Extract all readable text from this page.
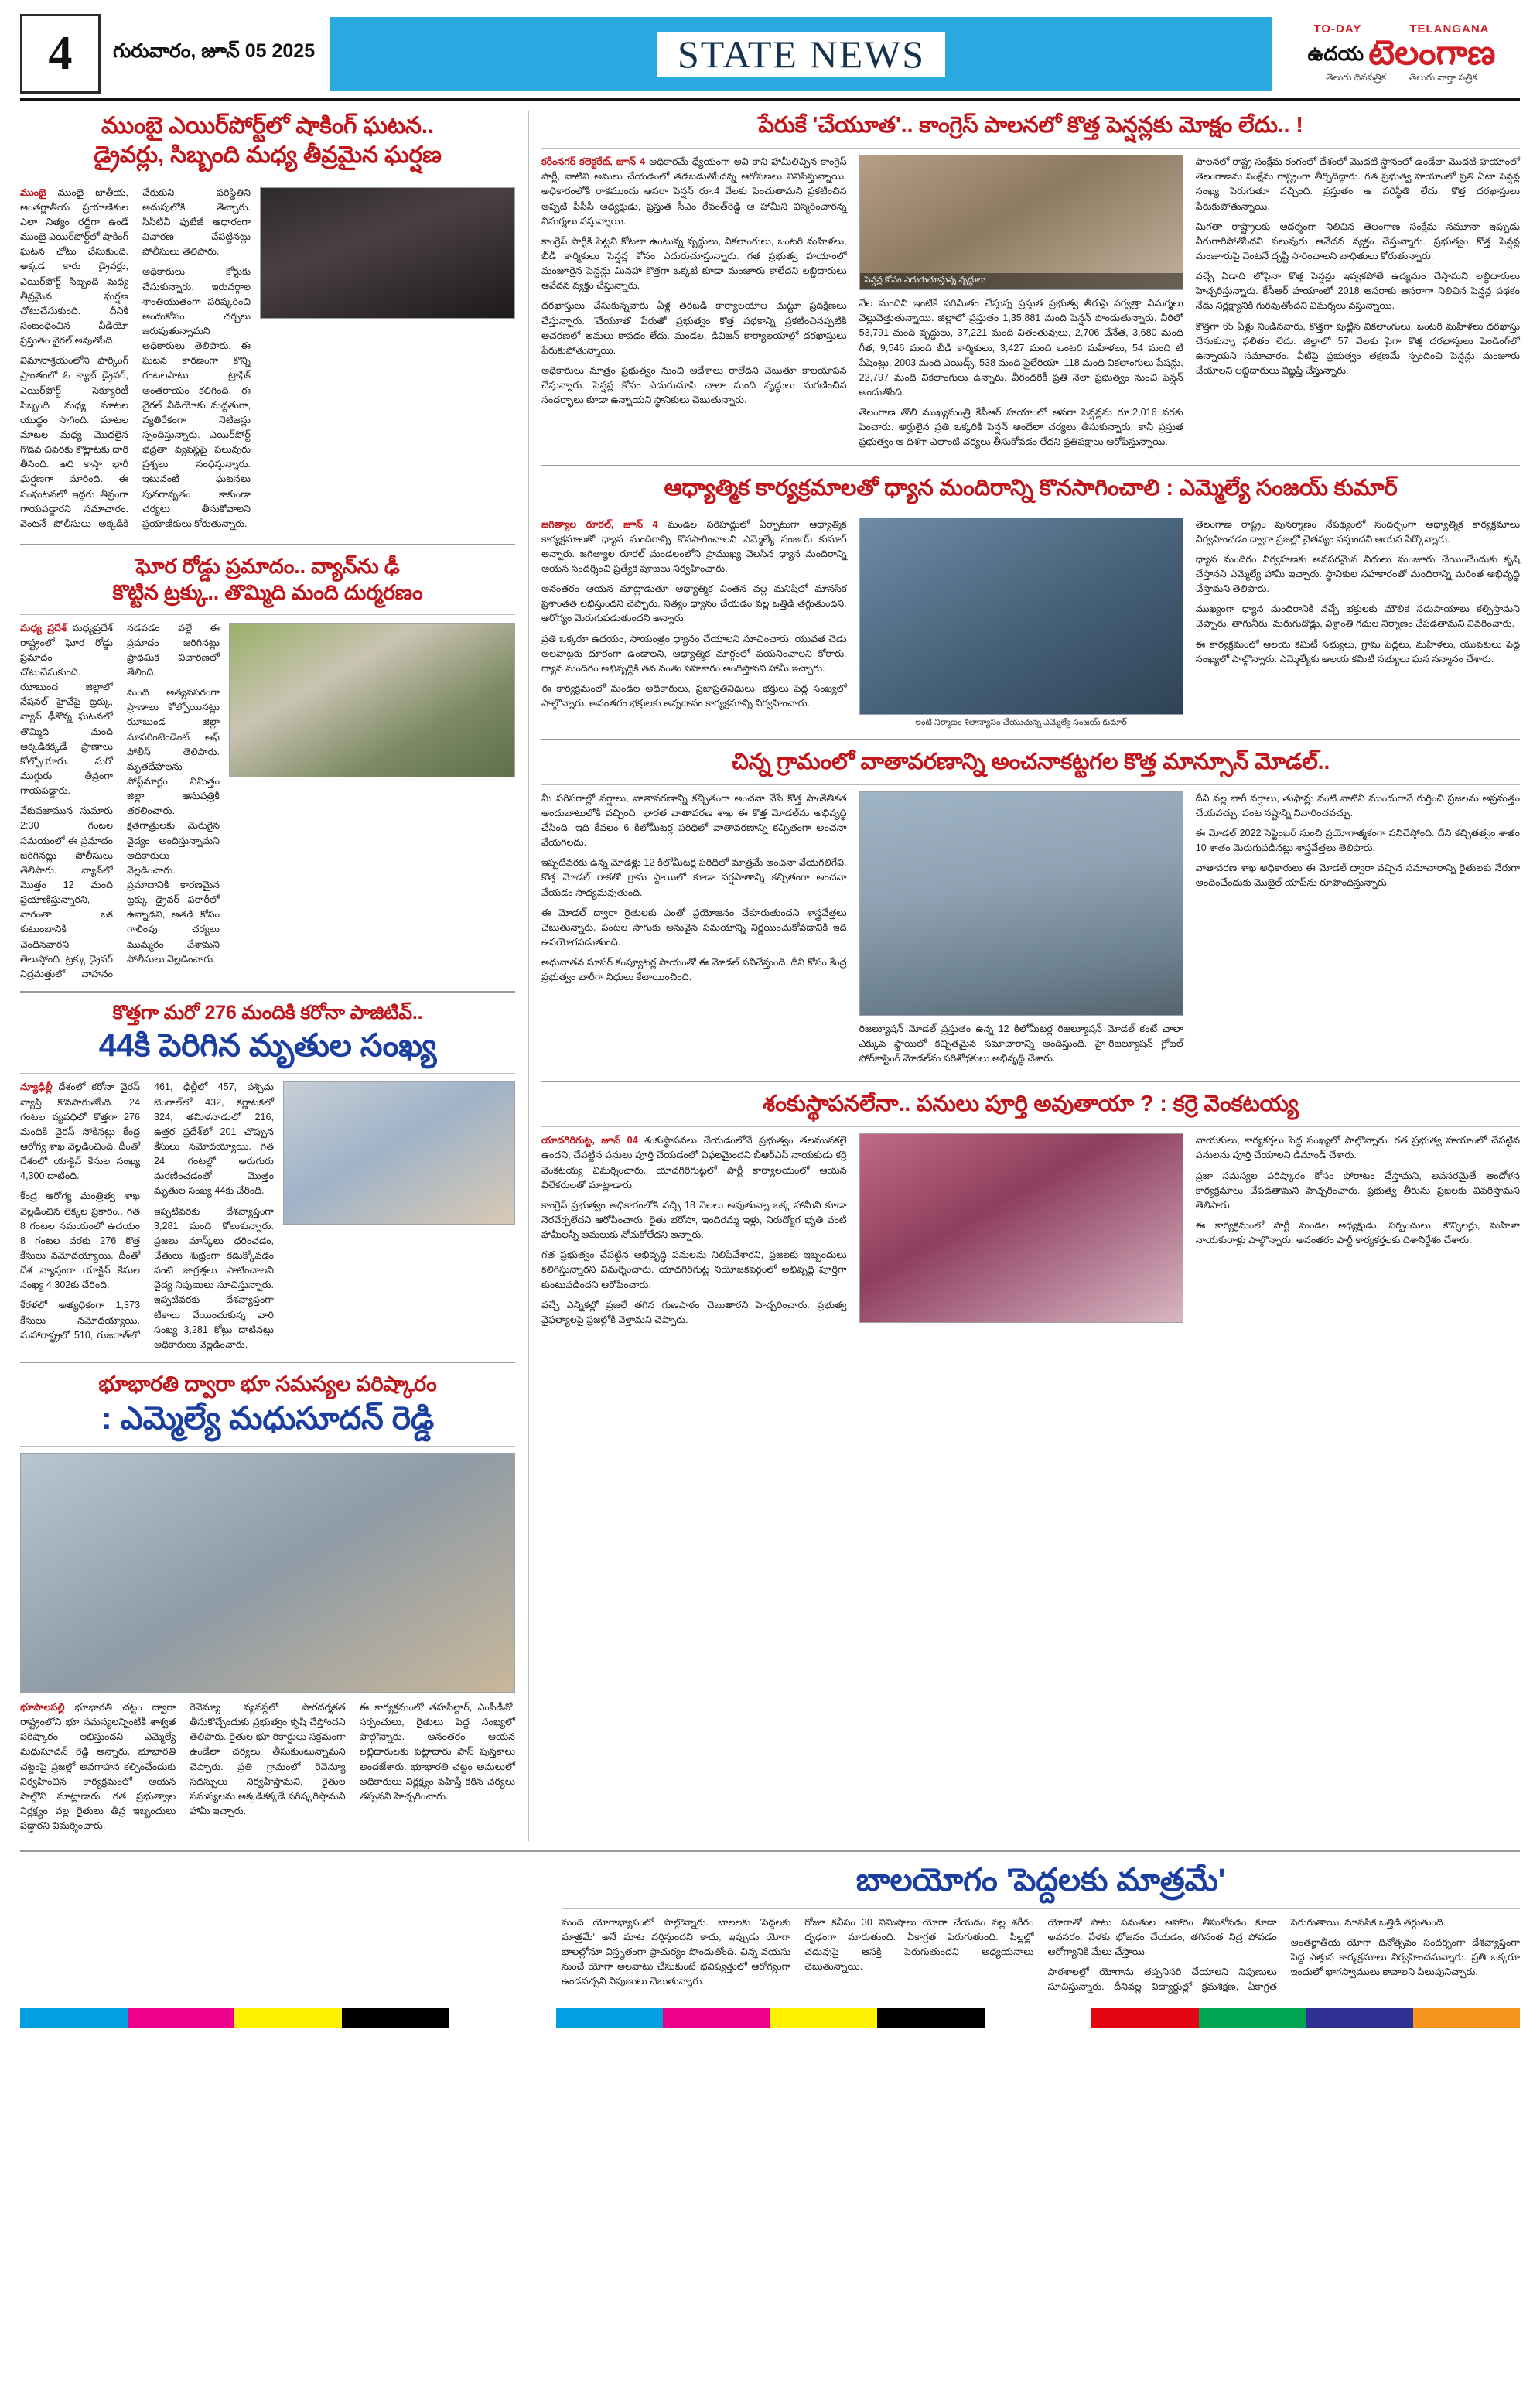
4	గురువారం, జూన్ 05 2025	STATE NEWS
TO-DAY	TELANGANA
ఉదయ టెలంగాణ
తెలుగు దినపత్రిక	తెలుగు వార్తా పత్రిక
ముంబై ఎయిర్‌పోర్ట్‌లో షాకింగ్ ఘటన..
డ్రైవర్లు, సిబ్బంది మధ్య తీవ్రమైన ఘర్షణ

ముంబై ముంబై జాతీయ, అంతర్జాతీయ ప్రయాణికుల ఎలా నిత్యం రద్దీగా ఉండే ముంబై ఎయిర్‌పోర్ట్‌లో షాకింగ్ ఘటన చోటు చేసుకుంది. అక్కడ కారు డ్రైవర్లు, ఎయిర్‌పోర్ట్ సిబ్బంది మధ్య తీవ్రమైన ఘర్షణ చోటుచేసుకుంది. దీనికి సంబంధించిన వీడియో ప్రస్తుతం వైరల్ అవుతోంది.

విమానాశ్రయంలోని పార్కింగ్ ప్రాంతంలో ఓ క్యాబ్ డ్రైవర్, ఎయిర్‌పోర్ట్ సెక్యూరిటీ సిబ్బంది మధ్య మాటల యుద్ధం సాగింది. మాటల మాటల మధ్య మొదలైన గొడవ చివరకు కొట్లాటకు దారి తీసింది. అది కాస్తా భారీ ఘర్షణగా మారింది. ఈ సంఘటనలో ఇద్దరు తీవ్రంగా గాయపడ్డారని సమాచారం. వెంటనే పోలీసులు అక్కడికి చేరుకుని పరిస్థితిని అదుపులోకి తెచ్చారు. సీసీటీవీ ఫుటేజీ ఆధారంగా విచారణ చేపట్టినట్లు పోలీసులు తెలిపారు.

అధికారులు కోర్టుకు చేసుకున్నారు. ఇరువర్గాల శాంతియుతంగా పరిష్కరించి అందుకోసం చర్చలు జరుపుతున్నామని అధికారులు తెలిపారు. ఈ ఘటన కారణంగా కొన్ని గంటలపాటు ట్రాఫిక్ అంతరాయం కలిగింది. ఈ వైరల్ వీడియోకు మద్దతుగా, వ్యతిరేకంగా నెటిజన్లు స్పందిస్తున్నారు. ఎయిర్‌పోర్ట్ భద్రతా వ్యవస్థపై పలువురు ప్రశ్నలు సంధిస్తున్నారు. ఇటువంటి ఘటనలు పునరావృతం కాకుండా చర్యలు తీసుకోవాలని ప్రయాణికులు కోరుతున్నారు.

ఘోర రోడ్డు ప్రమాదం.. వ్యాన్‌ను ఢీ
కొట్టిన ట్రక్కు.. తొమ్మిది మంది దుర్మరణం

మధ్య ప్రదేశ్ మధ్యప్రదేశ్ రాష్ట్రంలో ఘోర రోడ్డు ప్రమాదం చోటుచేసుకుంది. రుూబుంద జిల్లాలో నేషనల్ హైవేపై ట్రక్కు, వ్యాన్ ఢీకొన్న ఘటనలో తొమ్మిది మంది అక్కడికక్కడే ప్రాణాలు కోల్పోయారు. మరో ముగ్గురు తీవ్రంగా గాయపడ్డారు.

వేకువజామున సుమారు 2:30 గంటల సమయంలో ఈ ప్రమాదం జరిగినట్లు పోలీసులు తెలిపారు. వ్యాన్‌లో మొత్తం 12 మంది ప్రయాణిస్తున్నారని, వారంతా ఒక కుటుంబానికి చెందినవారని తెలుస్తోంది. ట్రక్కు డ్రైవర్ నిద్రమత్తులో వాహనం నడపడం వల్లే ఈ ప్రమాదం జరిగినట్లు ప్రాథమిక విచారణలో తేలింది.

మంది అత్యవసరంగా ప్రాణాలు కోల్పోయినట్లు రుూబుండ జిల్లా సూపరింటెండెంట్ ఆఫ్ పోలీస్ తెలిపారు. మృతదేహాలను పోస్ట్‌మార్టం నిమిత్తం జిల్లా ఆసుపత్రికి తరలించారు. క్షతగాత్రులకు మెరుగైన వైద్యం అందిస్తున్నామని అధికారులు వెల్లడించారు. ప్రమాదానికి కారణమైన ట్రక్కు డ్రైవర్ పరారీలో ఉన్నాడని, అతడి కోసం గాలింపు చర్యలు ముమ్మరం చేశామని పోలీసులు వెల్లడించారు.

కొత్తగా మరో 276 మందికి కరోనా పాజిటివ్..
44కి పెరిగిన మృతుల సంఖ్య

న్యూఢిల్లీ దేశంలో కరోనా వైరస్ వ్యాప్తి కొనసాగుతోంది. 24 గంటల వ్యవధిలో కొత్తగా 276 మందికి వైరస్ సోకినట్లు కేంద్ర ఆరోగ్య శాఖ వెల్లడించింది. దీంతో దేశంలో యాక్టివ్ కేసుల సంఖ్య 4,300 దాటింది.

కేంద్ర ఆరోగ్య మంత్రిత్వ శాఖ వెల్లడించిన లెక్కల ప్రకారం.. గత 8 గంటల సమయంలో ఉదయం 8 గంటల వరకు 276 కొత్త కేసులు నమోదయ్యాయి. దీంతో దేశ వ్యాప్తంగా యాక్టివ్ కేసుల సంఖ్య 4,302కు చేరింది.

కేరళలో అత్యధికంగా 1,373 కేసులు నమోదయ్యాయి. మహారాష్ట్రలో 510, గుజరాత్‌లో 461, ఢిల్లీలో 457, పశ్చిమ బెంగాల్‌లో 432, కర్ణాటకలో 324, తమిళనాడులో 216, ఉత్తర ప్రదేశ్‌లో 201 చొప్పున కేసులు నమోదయ్యాయి. గత 24 గంటల్లో ఆరుగురు మరణించడంతో మొత్తం మృతుల సంఖ్య 44కు చేరింది.

ఇప్పటివరకు దేశవ్యాప్తంగా 3,281 మంది కోలుకున్నారు. ప్రజలు మాస్క్‌లు ధరించడం, చేతులు శుభ్రంగా కడుక్కోవడం వంటి జాగ్రత్తలు పాటించాలని వైద్య నిపుణులు సూచిస్తున్నారు. ఇప్పటివరకు దేశవ్యాప్తంగా టీకాలు వేయించుకున్న వారి సంఖ్య 3,281 కోట్లు దాటినట్లు అధికారులు వెల్లడించారు.

భూభారతి ద్వారా భూ సమస్యల పరిష్కారం
: ఎమ్మెల్యే మధుసూదన్ రెడ్డి

భూపాలపల్లి భూభారతి చట్టం ద్వారా రాష్ట్రంలోని భూ సమస్యలన్నింటికీ శాశ్వత పరిష్కారం లభిస్తుందని ఎమ్మెల్యే మధుసూదన్ రెడ్డి అన్నారు. భూభారతి చట్టంపై ప్రజల్లో అవగాహన కల్పించేందుకు నిర్వహించిన కార్యక్రమంలో ఆయన పాల్గొని మాట్లాడారు. గత ప్రభుత్వాల నిర్లక్ష్యం వల్ల రైతులు తీవ్ర ఇబ్బందులు పడ్డారని విమర్శించారు.

రెవెన్యూ వ్యవస్థలో పారదర్శకత తీసుకొచ్చేందుకు ప్రభుత్వం కృషి చేస్తోందని తెలిపారు. రైతుల భూ రికార్డులు సక్రమంగా ఉండేలా చర్యలు తీసుకుంటున్నామని చెప్పారు. ప్రతి గ్రామంలో రెవెన్యూ సదస్సులు నిర్వహిస్తామని, రైతుల సమస్యలను అక్కడికక్కడే పరిష్కరిస్తామని హామీ ఇచ్చారు.

ఈ కార్యక్రమంలో తహసీల్దార్, ఎంపీడీవో, సర్పంచులు, రైతులు పెద్ద సంఖ్యలో పాల్గొన్నారు. అనంతరం ఆయన లబ్ధిదారులకు పట్టాదారు పాస్ పుస్తకాలు అందజేశారు. భూభారతి చట్టం అమలులో అధికారులు నిర్లక్ష్యం వహిస్తే కఠిన చర్యలు తప్పవని హెచ్చరించారు.

పేరుకే 'చేయూత'.. కాంగ్రెస్ పాలనలో కొత్త పెన్షన్లకు మోక్షం లేదు.. !

కరీంనగర్ కలెక్టరేట్, జూన్ 4 అధికారమే ధ్యేయంగా అవి కాని హామీలిచ్చిన కాంగ్రెస్ పార్టీ, వాటిని అమలు చేయడంలో తడబడుతోందన్న ఆరోపణలు వినిపిస్తున్నాయి. అధికారంలోకి రాకముందు ఆసరా పెన్షన్ రూ.4 వేలకు పెంచుతామని ప్రకటించిన అప్పటి పీసీసీ అధ్యక్షుడు, ప్రస్తుత సీఎం రేవంత్‌రెడ్డి ఆ హామీని విస్మరించారన్న విమర్శలు వస్తున్నాయి.

కాంగ్రెస్ పార్టీకి పెట్టని కోటలా ఉంటున్న వృద్ధులు, వికలాంగులు, ఒంటరి మహిళలు, బీడీ కార్మికులు పెన్షన్ల కోసం ఎదురుచూస్తున్నారు. గత ప్రభుత్వ హయాంలో మంజూరైన పెన్షన్లు మినహా కొత్తగా ఒక్కటి కూడా మంజూరు కాలేదని లబ్ధిదారులు ఆవేదన వ్యక్తం చేస్తున్నారు.

దరఖాస్తులు చేసుకున్నవారు ఏళ్ల తరబడి కార్యాలయాల చుట్టూ ప్రదక్షిణలు చేస్తున్నారు. 'చేయూత' పేరుతో ప్రభుత్వం కొత్త పథకాన్ని ప్రకటించినప్పటికీ ఆచరణలో అమలు కావడం లేదు. మండల, డివిజన్ కార్యాలయాల్లో దరఖాస్తులు పేరుకుపోతున్నాయి.

అధికారులు మాత్రం ప్రభుత్వం నుంచి ఆదేశాలు రాలేదని చెబుతూ కాలయాపన చేస్తున్నారు. పెన్షన్ల కోసం ఎదురుచూసి చాలా మంది వృద్ధులు మరణించిన సందర్భాలు కూడా ఉన్నాయని స్థానికులు చెబుతున్నారు.

పెన్షన్ల కోసం ఎదురుచూస్తున్న వృద్ధులు

వేల మందిని ఇంటికే పరిమితం చేస్తున్న ప్రస్తుత ప్రభుత్వ తీరుపై సర్వత్రా విమర్శలు వెల్లువెత్తుతున్నాయి. జిల్లాలో ప్రస్తుతం 1,35,881 మంది పెన్షన్ పొందుతున్నారు. వీరిలో 53,791 మంది వృద్ధులు, 37,221 మంది వితంతువులు, 2,706 చేనేత, 3,680 మంది గీత, 9,546 మంది బీడీ కార్మికులు, 3,427 మంది ఒంటరి మహిళలు, 54 మంది టీ పేషెంట్లు, 2003 మంది ఎయిడ్స్, 538 మంది ఫైలేరియా, 118 మంది వికలాంగులు పేషన్లు, 22,797 మంది వికలాంగులు ఉన్నారు. వీరందరికీ ప్రతి నెలా ప్రభుత్వం నుంచి పెన్షన్ అందుతోంది.

తెలంగాణ తొలి ముఖ్యమంత్రి కేసీఆర్ హయాంలో ఆసరా పెన్షన్లను రూ.2,016 వరకు పెంచారు. అర్హులైన ప్రతి ఒక్కరికీ పెన్షన్ అందేలా చర్యలు తీసుకున్నారు. కానీ ప్రస్తుత ప్రభుత్వం ఆ దిశగా ఎలాంటి చర్యలు తీసుకోవడం లేదని ప్రతిపక్షాలు ఆరోపిస్తున్నాయి.

పాలనలో రాష్ట్ర సంక్షేమ రంగంలో దేశంలో మొదటి స్థానంలో ఉండేలా మొదటి హయాంలో తెలంగాణను సంక్షేమ రాష్ట్రంగా తీర్చిదిద్దారు. గత ప్రభుత్వ హయాంలో ప్రతి ఏటా పెన్షన్ల సంఖ్య పెరుగుతూ వచ్చింది. ప్రస్తుతం ఆ పరిస్థితి లేదు. కొత్త దరఖాస్తులు పేరుకుపోతున్నాయి.

మిగతా రాష్ట్రాలకు ఆదర్శంగా నిలిచిన తెలంగాణ సంక్షేమ నమూనా ఇప్పుడు నీరుగారిపోతోందని పలువురు ఆవేదన వ్యక్తం చేస్తున్నారు. ప్రభుత్వం కొత్త పెన్షన్ల మంజూరుపై వెంటనే దృష్టి సారించాలని బాధితులు కోరుతున్నారు.

వచ్చే ఏడాది లోపైనా కొత్త పెన్షన్లు ఇవ్వకపోతే ఉద్యమం చేస్తామని లబ్ధిదారులు హెచ్చరిస్తున్నారు. కేసీఆర్ హయాంలో 2018 ఆసరాకు ఆసరాగా నిలిచిన పెన్షన్ల పథకం నేడు నిర్లక్ష్యానికి గురవుతోందని విమర్శలు వస్తున్నాయి.

కొత్తగా 65 ఏళ్లు నిండినవారు, కొత్తగా పుట్టిన వికలాంగులు, ఒంటరి మహిళలు దరఖాస్తు చేసుకున్నా ఫలితం లేదు. జిల్లాలో 57 వేలకు పైగా కొత్త దరఖాస్తులు పెండింగ్‌లో ఉన్నాయని సమాచారం. వీటిపై ప్రభుత్వం తక్షణమే స్పందించి పెన్షన్లు మంజూరు చేయాలని లబ్ధిదారులు విజ్ఞప్తి చేస్తున్నారు.

ఆధ్యాత్మిక కార్యక్రమాలతో ధ్యాన మందిరాన్ని కొనసాగించాలి : ఎమ్మెల్యే సంజయ్ కుమార్

జగిత్యాల రూరల్, జూన్ 4 మండల సరిహద్దులో ఏర్పాటుగా ఆధ్యాత్మిక కార్యక్రమాలతో ధ్యాన మందిరాన్ని కొనసాగించాలని ఎమ్మెల్యే సంజయ్ కుమార్ అన్నారు. జగిత్యాల రూరల్ మండలంలోని ప్రాముఖ్య వెలసిన ధ్యాన మందిరాన్ని ఆయన సందర్శించి ప్రత్యేక పూజలు నిర్వహించారు.

అనంతరం ఆయన మాట్లాడుతూ ఆధ్యాత్మిక చింతన వల్ల మనిషిలో మానసిక ప్రశాంతత లభిస్తుందని చెప్పారు. నిత్యం ధ్యానం చేయడం వల్ల ఒత్తిడి తగ్గుతుందని, ఆరోగ్యం మెరుగుపడుతుందని అన్నారు.

ప్రతి ఒక్కరూ ఉదయం, సాయంత్రం ధ్యానం చేయాలని సూచించారు. యువత చెడు అలవాట్లకు దూరంగా ఉండాలని, ఆధ్యాత్మిక మార్గంలో పయనించాలని కోరారు. ధ్యాన మందిరం అభివృద్ధికి తన వంతు సహకారం అందిస్తానని హామీ ఇచ్చారు.

ఈ కార్యక్రమంలో మండల అధికారులు, ప్రజాప్రతినిధులు, భక్తులు పెద్ద సంఖ్యలో పాల్గొన్నారు. అనంతరం భక్తులకు అన్నదానం కార్యక్రమాన్ని నిర్వహించారు.

ఇంటి నిర్మాణం శిలాన్యాసం చేయుచున్న ఎమ్మెల్యే సంజయ్ కుమార్

తెలంగాణ రాష్ట్రం పునర్మాణం నేపథ్యంలో సందర్భంగా ఆధ్యాత్మిక కార్యక్రమాలు నిర్వహించడం ద్వారా ప్రజల్లో చైతన్యం వస్తుందని ఆయన పేర్కొన్నారు.

ధ్యాన మందిరం నిర్వహణకు అవసరమైన నిధులు మంజూరు చేయించేందుకు కృషి చేస్తానని ఎమ్మెల్యే హామీ ఇచ్చారు. స్థానికుల సహకారంతో మందిరాన్ని మరింత అభివృద్ధి చేస్తామని తెలిపారు.

ముఖ్యంగా ధ్యాన మందిరానికి వచ్చే భక్తులకు మౌలిక సదుపాయాలు కల్పిస్తామని చెప్పారు. తాగునీరు, మరుగుదొడ్లు, విశ్రాంతి గదుల నిర్మాణం చేపడతామని వివరించారు.

ఈ కార్యక్రమంలో ఆలయ కమిటీ సభ్యులు, గ్రామ పెద్దలు, మహిళలు, యువకులు పెద్ద సంఖ్యలో పాల్గొన్నారు. ఎమ్మెల్యేకు ఆలయ కమిటీ సభ్యులు ఘన సన్మానం చేశారు.

చిన్న గ్రామంలో వాతావరణాన్ని అంచనాకట్టగల కొత్త మాన్సూన్ మోడల్..

మీ పరిసరాల్లో వర్షాలు, వాతావరణాన్ని కచ్చితంగా అంచనా వేసే కొత్త సాంకేతికత అందుబాటులోకి వచ్చింది. భారత వాతావరణ శాఖ ఈ కొత్త మోడల్‌ను అభివృద్ధి చేసింది. ఇది కేవలం 6 కిలోమీటర్ల పరిధిలో వాతావరణాన్ని కచ్చితంగా అంచనా వేయగలదు.

ఇప్పటివరకు ఉన్న మోడళ్లు 12 కిలోమీటర్ల పరిధిలో మాత్రమే అంచనా వేయగలిగేవి. కొత్త మోడల్ రాకతో గ్రామ స్థాయిలో కూడా వర్షపాతాన్ని కచ్చితంగా అంచనా వేయడం సాధ్యమవుతుంది.

ఈ మోడల్ ద్వారా రైతులకు ఎంతో ప్రయోజనం చేకూరుతుందని శాస్త్రవేత్తలు చెబుతున్నారు. పంటల సాగుకు అనువైన సమయాన్ని నిర్ణయించుకోవడానికి ఇది ఉపయోగపడుతుంది.

అధునాతన సూపర్ కంప్యూటర్ల సాయంతో ఈ మోడల్ పనిచేస్తుంది. దీని కోసం కేంద్ర ప్రభుత్వం భారీగా నిధులు కేటాయించింది.

రిజల్యూషన్ మోడల్ ప్రస్తుతం ఉన్న 12 కిలోమీటర్ల రిజల్యూషన్ మోడల్ కంటే చాలా ఎక్కువ స్థాయిలో కచ్చితమైన సమాచారాన్ని అందిస్తుంది. హై-రిజల్యూషన్ గ్లోబల్ ఫోర్‌కాస్టింగ్ మోడల్‌ను పరిశోధకులు అభివృద్ధి చేశారు.

దీని వల్ల భారీ వర్షాలు, తుఫాన్లు వంటి వాటిని ముందుగానే గుర్తించి ప్రజలను అప్రమత్తం చేయవచ్చు. పంట నష్టాన్ని నివారించవచ్చు.

ఈ మోడల్ 2022 సెప్టెంబర్ నుంచి ప్రయోగాత్మకంగా పనిచేస్తోంది. దీని కచ్చితత్వం శాతం 10 శాతం మెరుగుపడినట్లు శాస్త్రవేత్తలు తెలిపారు.

వాతావరణ శాఖ అధికారులు ఈ మోడల్ ద్వారా వచ్చిన సమాచారాన్ని రైతులకు నేరుగా అందించేందుకు మొబైల్ యాప్‌ను రూపొందిస్తున్నారు.

శంకుస్థాపనలేనా.. పనులు పూర్తి అవుతాయా ? : కర్రె వెంకటయ్య

యాదగిరిగుట్ట, జూన్ 04 శంకుస్థాపనలు చేయడంలోనే ప్రభుత్వం తలమునకలై ఉందని, చేపట్టిన పనులు పూర్తి చేయడంలో విఫలమైందని బీఆర్ఎస్ నాయకుడు కర్రె వెంకటయ్య విమర్శించారు. యాదగిరిగుట్టలో పార్టీ కార్యాలయంలో ఆయన విలేకరులతో మాట్లాడారు.

కాంగ్రెస్ ప్రభుత్వం అధికారంలోకి వచ్చి 18 నెలలు అవుతున్నా ఒక్క హామీని కూడా నెరవేర్చలేదని ఆరోపించారు. రైతు భరోసా, ఇందిరమ్మ ఇళ్లు, నిరుద్యోగ భృతి వంటి హామీలన్నీ అమలుకు నోచుకోలేదని అన్నారు.

గత ప్రభుత్వం చేపట్టిన అభివృద్ధి పనులను నిలిపివేశారని, ప్రజలకు ఇబ్బందులు కలిగిస్తున్నారని విమర్శించారు. యాదగిరిగుట్ట నియోజకవర్గంలో అభివృద్ధి పూర్తిగా కుంటుపడిందని ఆరోపించారు.

వచ్చే ఎన్నికల్లో ప్రజలే తగిన గుణపాఠం చెబుతారని హెచ్చరించారు. ప్రభుత్వ వైఫల్యాలపై ప్రజల్లోకి వెళ్తామని చెప్పారు.

నాయకులు, కార్యకర్తలు పెద్ద సంఖ్యలో పాల్గొన్నారు. గత ప్రభుత్వ హయాంలో చేపట్టిన పనులను పూర్తి చేయాలని డిమాండ్ చేశారు.

ప్రజా సమస్యల పరిష్కారం కోసం పోరాటం చేస్తామని, అవసరమైతే ఆందోళన కార్యక్రమాలు చేపడతామని హెచ్చరించారు. ప్రభుత్వ తీరును ప్రజలకు వివరిస్తామని తెలిపారు.

ఈ కార్యక్రమంలో పార్టీ మండల అధ్యక్షుడు, సర్పంచులు, కౌన్సిలర్లు, మహిళా నాయకురాళ్లు పాల్గొన్నారు. అనంతరం పార్టీ కార్యకర్తలకు దిశానిర్దేశం చేశారు.

బాలయోగం 'పెద్దలకు మాత్రమే'

మంది యోగాభ్యాసంలో పాల్గొన్నారు. బాలలకు 'పెద్దలకు మాత్రమే' అనే మాట వర్తిస్తుందని కాదు, ఇప్పుడు యోగా బాలల్లోనూ విస్తృతంగా ప్రాచుర్యం పొందుతోంది. చిన్న వయసు నుంచే యోగా అలవాటు చేసుకుంటే భవిష్యత్తులో ఆరోగ్యంగా ఉండవచ్చని నిపుణులు చెబుతున్నారు.

రోజూ కనీసం 30 నిమిషాలు యోగా చేయడం వల్ల శరీరం దృఢంగా మారుతుంది. ఏకాగ్రత పెరుగుతుంది. పిల్లల్లో చదువుపై ఆసక్తి పెరుగుతుందని అధ్యయనాలు చెబుతున్నాయి.

యోగాతో పాటు సమతుల ఆహారం తీసుకోవడం కూడా అవసరం. వేళకు భోజనం చేయడం, తగినంత నిద్ర పోవడం ఆరోగ్యానికి మేలు చేస్తాయి.

పాఠశాలల్లో యోగాను తప్పనిసరి చేయాలని నిపుణులు సూచిస్తున్నారు. దీనివల్ల విద్యార్థుల్లో క్రమశిక్షణ, ఏకాగ్రత పెరుగుతాయి. మానసిక ఒత్తిడి తగ్గుతుంది.

అంతర్జాతీయ యోగా దినోత్సవం సందర్భంగా దేశవ్యాప్తంగా పెద్ద ఎత్తున కార్యక్రమాలు నిర్వహించనున్నారు. ప్రతి ఒక్కరూ ఇందులో భాగస్వాములు కావాలని పిలుపునిచ్చారు.
